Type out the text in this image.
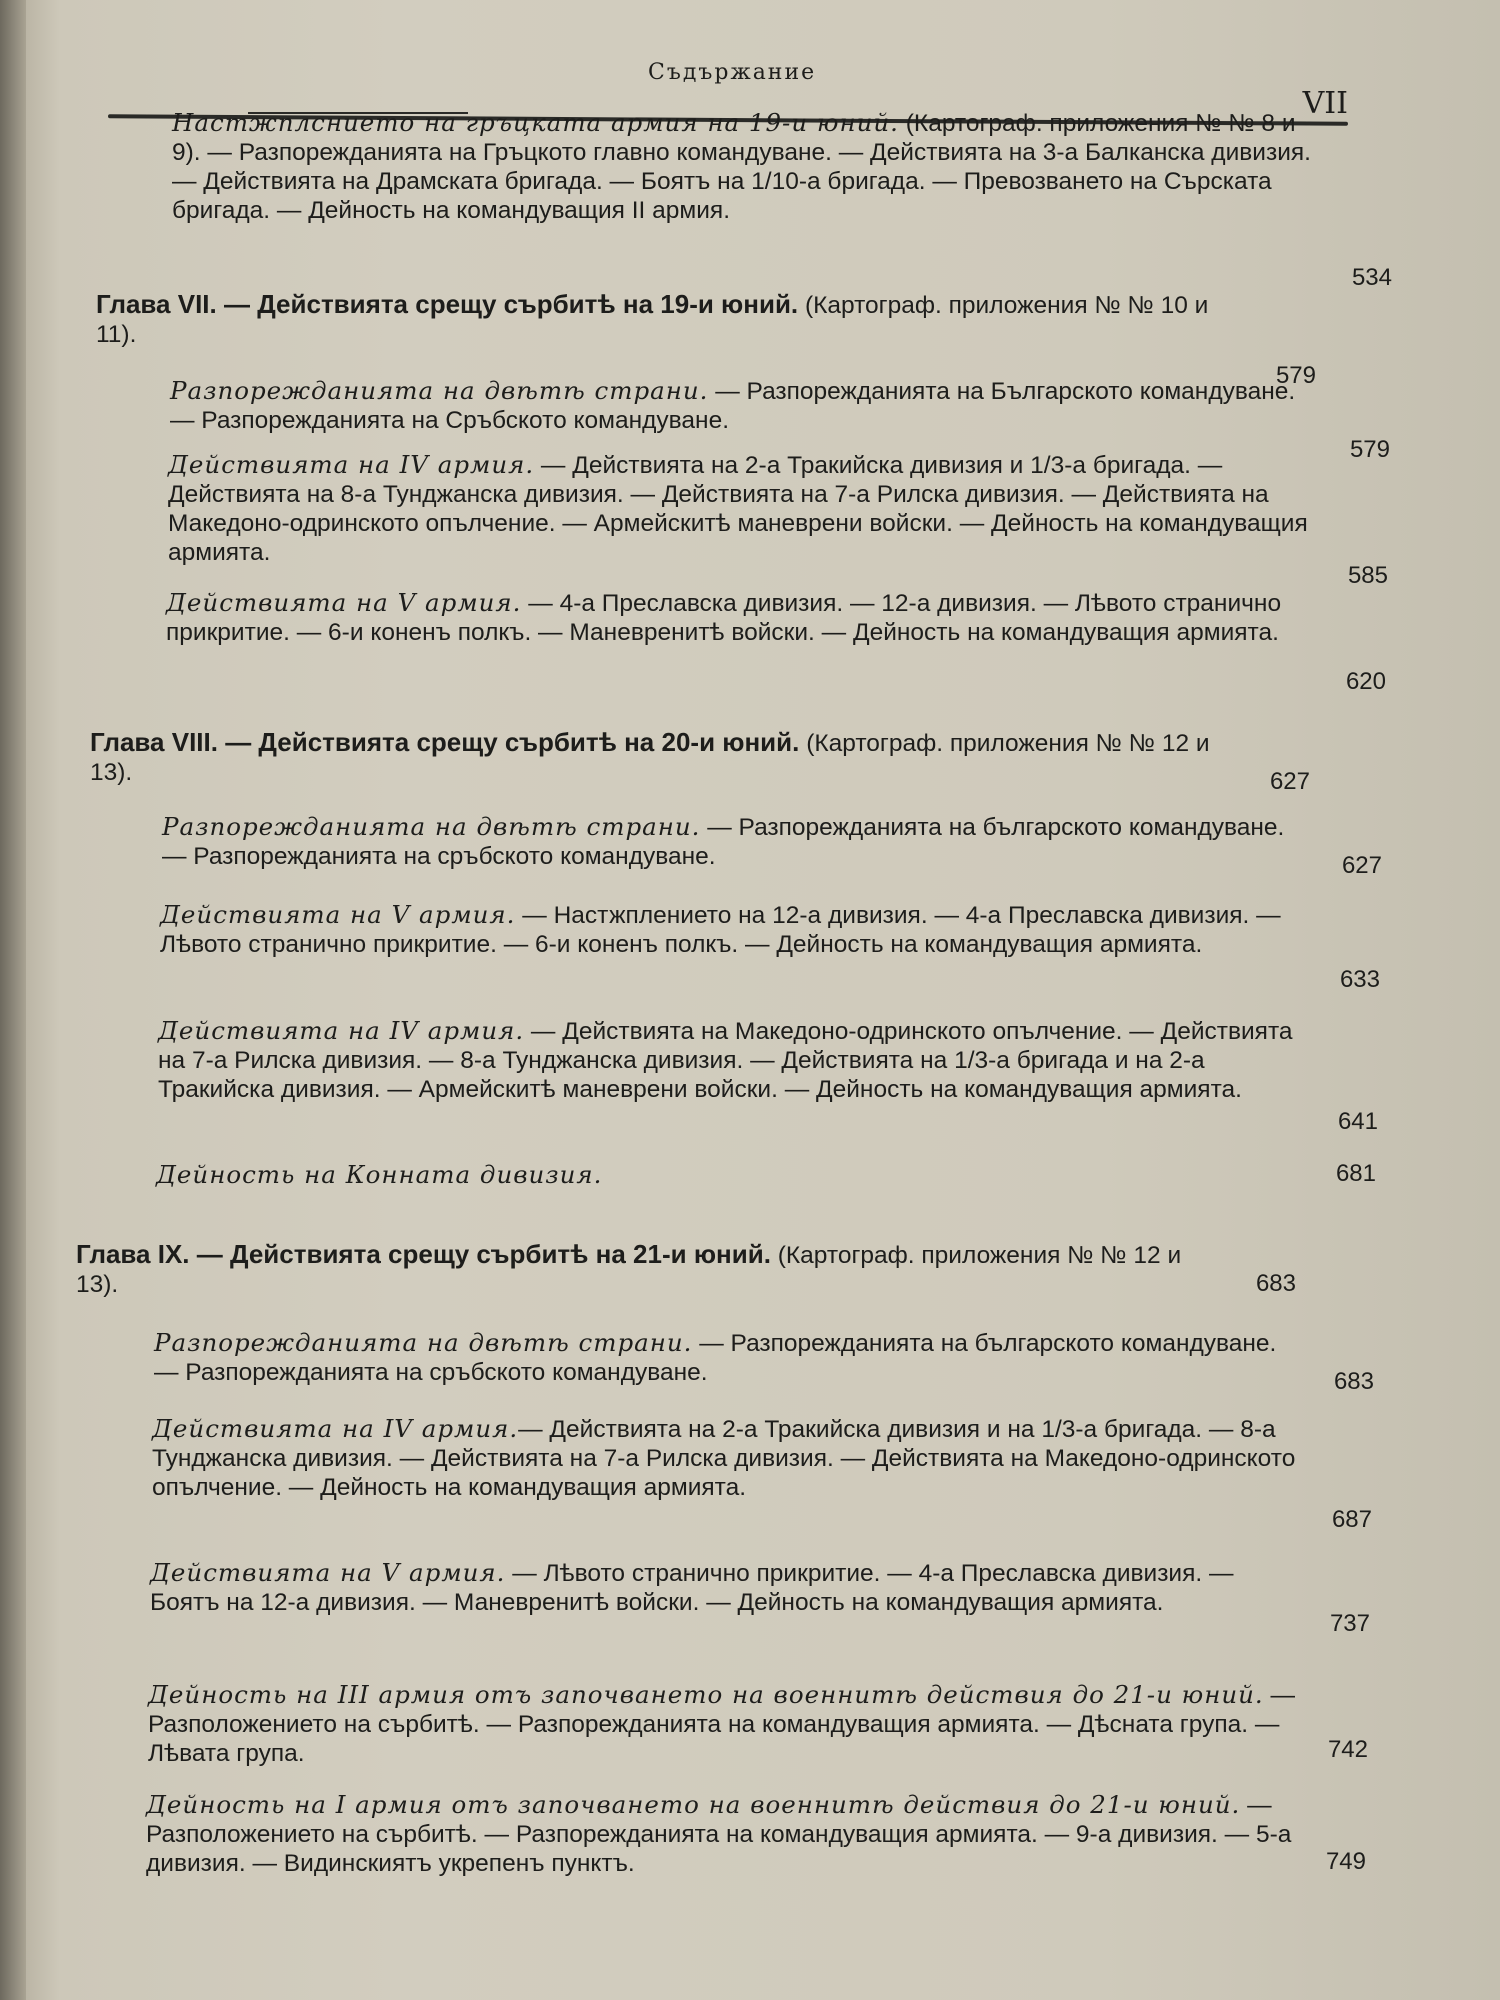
Съдържание
VII
Настжплснието на гръцката армия на 19-и юний. (Картограф. приложения № № 8 и 9). — Разпорежданията на Гръцкото главно командуване. — Действията на 3-а Балканска дивизия. — Действията на Драмската бригада. — Боятъ на 1/10-а бригада. — Превозването на Сърската бригада. — Дейность на командуващия II армия.
534
Глава VII. — Действията срещу сърбитѣ на 19-и юний. (Картограф. приложения № № 10 и 11).
579
Разпорежданията на двѣтѣ страни. — Разпорежданията на Българското командуване. — Разпорежданията на Сръбското командуване.
579
Действията на IV армия. — Действията на 2-а Тракийска дивизия и 1/3-а бригада. — Действията на 8-а Тунджанска дивизия. — Действията на 7-а Рилска дивизия. — Действията на Македоно-одринското опълчение. — Армейскитѣ маневрени войски. — Дейность на командуващия армията.
585
Действията на V армия. — 4-а Преславска дивизия. — 12-а дивизия. — Лѣвото странично прикритие. — 6-и коненъ полкъ. — Маневренитѣ войски. — Дейность на командуващия армията.
620
Глава VIII. — Действията срещу сърбитѣ на 20-и юний. (Картограф. приложения № № 12 и 13).	627
Разпорежданията на двѣтѣ страни. — Разпорежданията на българското командуване. — Разпорежданията на сръбското командуване.	627
Действията на V армия. — Настжплението на 12-а дивизия. — 4-а Преславска дивизия. — Лѣвото странично прикритие. — 6-и коненъ полкъ. — Дейность на командуващия армията.
633
Действията на IV армия. — Действията на Македоно-одринското опълчение. — Действията на 7-а Рилска дивизия. — 8-а Тунджанска дивизия. — Действията на 1/3-а бригада и на 2-а Тракийска дивизия. — Армейскитѣ маневрени войски. — Дейность на командуващия армията.
641
Дейность на Конната дивизия.	681
Глава IX. — Действията срещу сърбитѣ на 21-и юний. (Картограф. приложения № № 12 и 13).	683
Разпорежданията на двѣтѣ страни. — Разпорежданията на българското командуване. — Разпорежданията на сръбското командуване.	683
Действията на IV армия.— Действията на 2-а Тракийска дивизия и на 1/3-а бригада. — 8-а Тунджанска дивизия. — Действията на 7-а Рилска дивизия. — Действията на Македоно-одринското опълчение. — Дейность на командуващия армията.
687
Действията на V армия. — Лѣвото странично прикритие. — 4-а Преславска дивизия. — Боятъ на 12-а дивизия. — Маневренитѣ войски. — Дейность на командуващия армията.
737
Дейность на III армия отъ започването на военнитѣ действия до 21-и юний. — Разположението на сърбитѣ. — Разпорежданията на командуващия армията. — Дѣсната група. — Лѣвата група.	742
Дейность на I армия отъ започването на военнитѣ действия до 21-и юний. — Разположението на сърбитѣ. — Разпорежданията на командуващия армията. — 9-а дивизия. — 5-а дивизия. — Видинскиятъ укрепенъ пунктъ.	749
